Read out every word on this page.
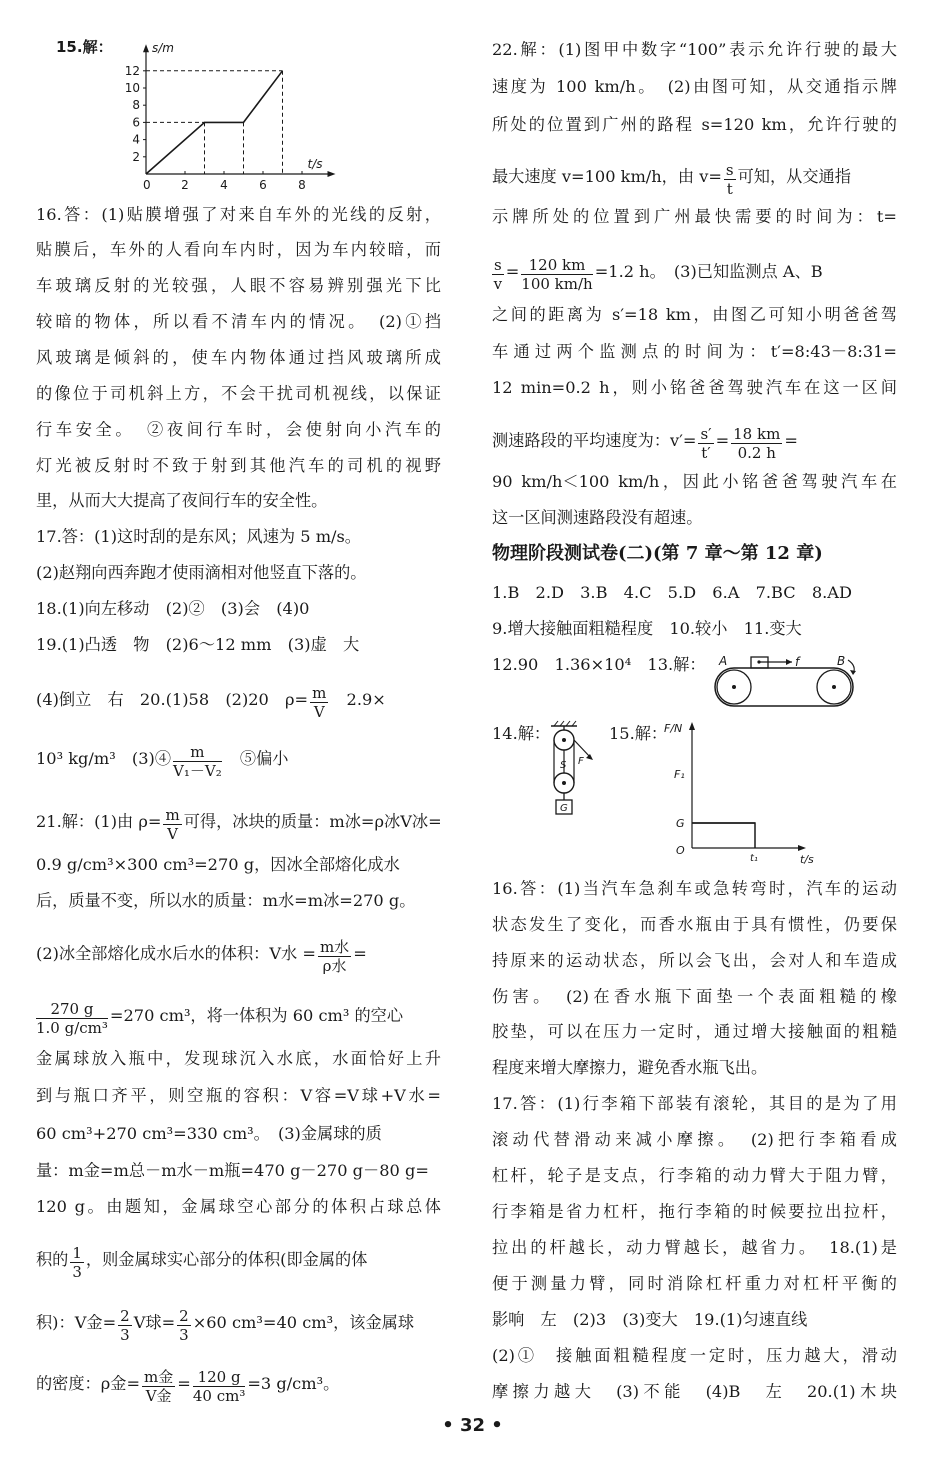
15.解：	s/m
t/s
0
2
4
6
8
10
12
2	4	6	8
16.答：(1)贴膜增强了对来自车外的光线的反射，
贴膜后，车外的人看向车内时，因为车内较暗，而
车玻璃反射的光较强，人眼不容易辨别强光下比
较暗的物体，所以看不清车内的情况。　(2)①挡
风玻璃是倾斜的，使车内物体通过挡风玻璃所成
的像位于司机斜上方，不会干扰司机视线，以保证
行车安全。　②夜间行车时，会使射向小汽车的
灯光被反射时不致于射到其他汽车的司机的视野
里，从而大大提高了夜间行车的安全性。
17.答：(1)这时刮的是东风；风速为 5 m/s。
(2)赵翔向西奔跑才使雨滴相对他竖直下落的。
18.(1)向左移动　(2)②　(3)会　(4)0
19.(1)凸透　物　(2)6～12 mm　(3)虚　大
(4)倒立　右　20.(1)58　(2)20　$\rho= \frac{m}{V}$ 　2.9×
10³ kg/m³　(3)④ $\frac{m}{\text{V₁－V₂}}$ 　⑤偏小
21.解：(1)由 $\rho= \frac{m}{V}$ 可得，冰块的质量：m冰=ρ冰V冰=
0.9 g/cm³×300 cm³=270 g，因冰全部熔化成水
后，质量不变，所以水的质量：m水=m冰=270 g。
(2)冰全部熔化成水后水的体积：V水 = $\frac{\text{m水}}{\text{ρ水}}$ =
$\frac{270 g}{\text{1.0 g/cm³}} =270$ cm³，将一体积为 60 cm³ 的空心
金属球放入瓶中，发现球沉入水底，水面恰好上升
到与瓶口齐平，则空瓶的容积：V容=V球+V水=
60 cm³+270 cm³=330 cm³。　(3)金属球的质
量：m金=m总－m水－m瓶=470 g－270 g－80 g=
120 g。由题知，金属球空心部分的体积占球总体
积的 $\frac{1}{3}$ ，则金属球实心部分的体积(即金属的体
积)：V金= $\frac{2}{3}$ V球= $\frac{2}{3} \times 60$ cm³=40 cm³，该金属球
的密度：ρ金= $\frac{\text{m金}}{\text{V金}} = \frac{120 g}{\text{40 cm³}} =3$ g/cm³。
22.解：(1)图甲中数字“100”表示允许行驶的最大
速度为 100 km/h。　(2)由图可知，从交通指示牌
所处的位置到广州的路程 s=120 km，允许行驶的
最大速度 v=100 km/h，由 $v= \frac{s}{t}$ 可知，从交通指
示牌所处的位置到广州最快需要的时间为：t=
$\frac{s}{v} = \frac{120 km}{100 km/h} =1.2$ h。　(3)已知监测点 A、B
之间的距离为 s′=18 km，由图乙可知小明爸爸驾
车通过两个监测点的时间为：t′=8:43－8:31=
12 min=0.2 h，则小铭爸爸驾驶汽车在这一区间
测速路段的平均速度为：$v'= \frac{s'}{t'} = \frac{18 km}{0.2 h}$ =
90 km/h＜100 km/h，因此小铭爸爸驾驶汽车在
这一区间测速路段没有超速。
物理阶段测试卷(二)(第 7 章～第 12 章)
1.B　2.D　3.B　4.C　5.D　6.A　7.BC　8.AD
9.增大接触面粗糙程度　10.较小　11.变大
12.90　1.36×10⁴　13.解：	A	f	B
14.解：
S F
G
15.解：
F/N
F₁
G
O
t₁	t/s
16.答：(1)当汽车急刹车或急转弯时，汽车的运动
状态发生了变化，而香水瓶由于具有惯性，仍要保
持原来的运动状态，所以会飞出，会对人和车造成
伤害。　(2)在香水瓶下面垫一个表面粗糙的橡
胶垫，可以在压力一定时，通过增大接触面的粗糙
程度来增大摩擦力，避免香水瓶飞出。
17.答：(1)行李箱下部装有滚轮，其目的是为了用
滚动代替滑动来减小摩擦。　(2)把行李箱看成
杠杆，轮子是支点，行李箱的动力臂大于阻力臂，
行李箱是省力杠杆，拖行李箱的时候要拉出拉杆，
拉出的杆越长，动力臂越长，越省力。　18.(1)是
便于测量力臂，同时消除杠杆重力对杠杆平衡的
影响　左　(2)3　(3)变大　19.(1)匀速直线
(2)①　接触面粗糙程度一定时，压力越大，滑动
摩擦力越大　(3)不能　(4)B　左　20.(1)木块
• 32 •
